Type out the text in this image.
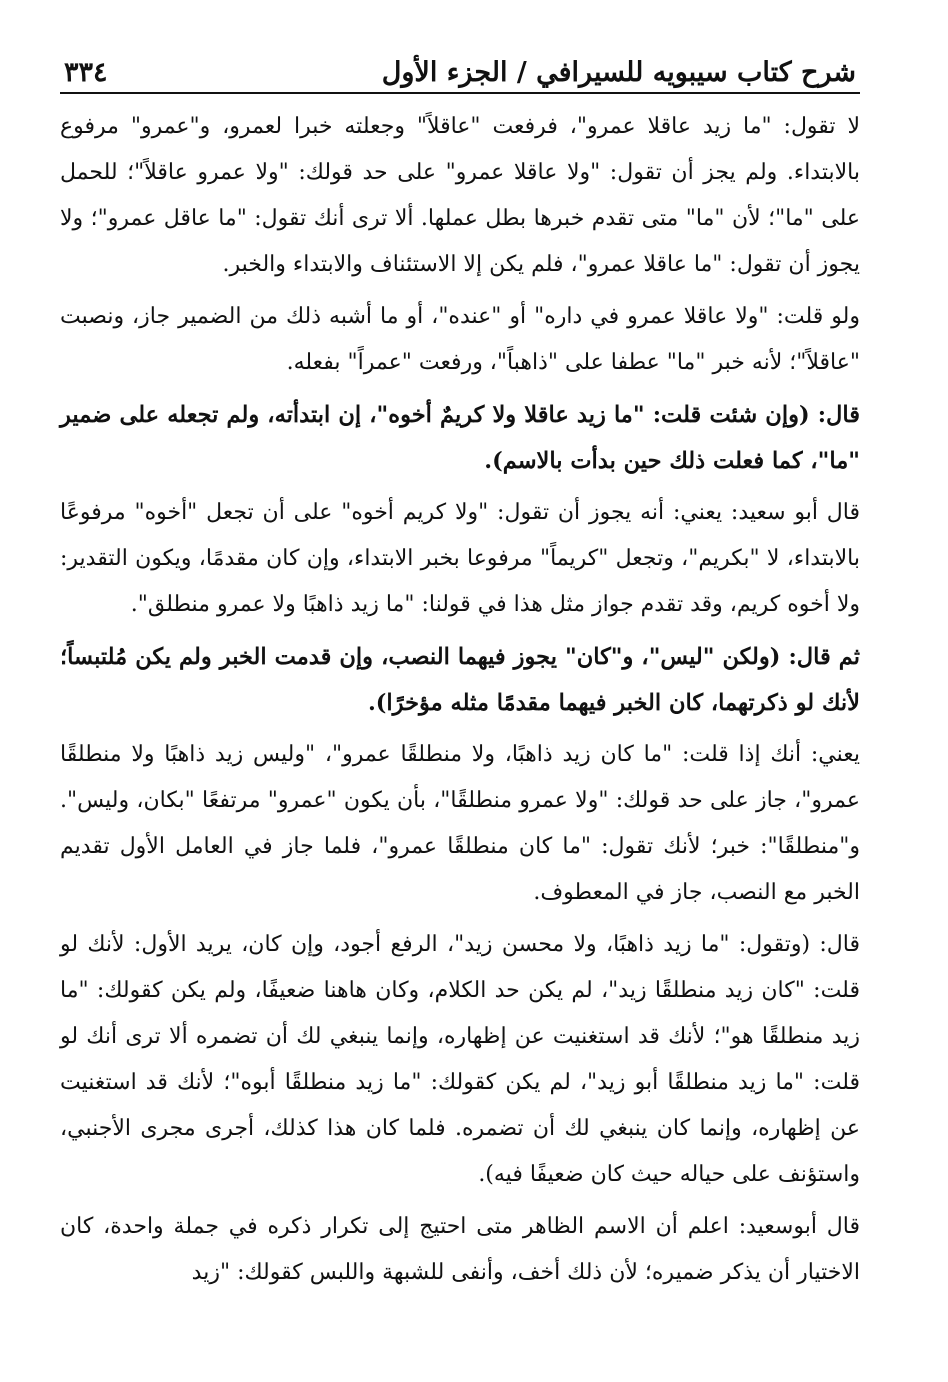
شرح كتاب سيبويه للسيرافي / الجزء الأول
٣٣٤

لا تقول: "ما زيد عاقلا عمرو"، فرفعت "عاقلاً" وجعلته خبرا لعمرو، و"عمرو" مرفوع بالابتداء. ولم يجز أن تقول: "ولا عاقلا عمرو" على حد قولك: "ولا عمرو عاقلاً"؛ للحمل على "ما"؛ لأن "ما" متى تقدم خبرها بطل عملها. ألا ترى أنك تقول: "ما عاقل عمرو"؛ ولا يجوز أن تقول: "ما عاقلا عمرو"، فلم يكن إلا الاستئناف والابتداء والخبر.

ولو قلت: "ولا عاقلا عمرو في داره" أو "عنده"، أو ما أشبه ذلك من الضمير جاز، ونصبت "عاقلاً"؛ لأنه خبر "ما" عطفا على "ذاهباً"، ورفعت "عمراً" بفعله.

قال: (وإن شئت قلت: "ما زيد عاقلا ولا كريمٌ أخوه"، إن ابتدأته، ولم تجعله على ضمير "ما"، كما فعلت ذلك حين بدأت بالاسم).

قال أبو سعيد: يعني: أنه يجوز أن تقول: "ولا كريم أخوه" على أن تجعل "أخوه" مرفوعًا بالابتداء، لا "بكريم"، وتجعل "كريماً" مرفوعا بخبر الابتداء، وإن كان مقدمًا، ويكون التقدير: ولا أخوه كريم، وقد تقدم جواز مثل هذا في قولنا: "ما زيد ذاهبًا ولا عمرو منطلق".

ثم قال: (ولكن "ليس"، و"كان" يجوز فيهما النصب، وإن قدمت الخبر ولم يكن مُلتبساً؛ لأنك لو ذكرتهما، كان الخبر فيهما مقدمًا مثله مؤخرًا).

يعني: أنك إذا قلت: "ما كان زيد ذاهبًا، ولا منطلقًا عمرو"، "وليس زيد ذاهبًا ولا منطلقًا عمرو"، جاز على حد قولك: "ولا عمرو منطلقًا"، بأن يكون "عمرو" مرتفعًا "بكان، وليس". و"منطلقًا": خبر؛ لأنك تقول: "ما كان منطلقًا عمرو"، فلما جاز في العامل الأول تقديم الخبر مع النصب، جاز في المعطوف.

قال: (وتقول: "ما زيد ذاهبًا، ولا محسن زيد"، الرفع أجود، وإن كان، يريد الأول: لأنك لو قلت: "كان زيد منطلقًا زيد"، لم يكن حد الكلام، وكان هاهنا ضعيفًا، ولم يكن كقولك: "ما زيد منطلقًا هو"؛ لأنك قد استغنيت عن إظهاره، وإنما ينبغي لك أن تضمره ألا ترى أنك لو قلت: "ما زيد منطلقًا أبو زيد"، لم يكن كقولك: "ما زيد منطلقًا أبوه"؛ لأنك قد استغنيت عن إظهاره، وإنما كان ينبغي لك أن تضمره. فلما كان هذا كذلك، أجرى مجرى الأجنبي، واستؤنف على حياله حيث كان ضعيفًا فيه).

قال أبوسعيد: اعلم أن الاسم الظاهر متى احتيج إلى تكرار ذكره في جملة واحدة، كان الاختيار أن يذكر ضميره؛ لأن ذلك أخف، وأنفى للشبهة واللبس كقولك: "زيد
